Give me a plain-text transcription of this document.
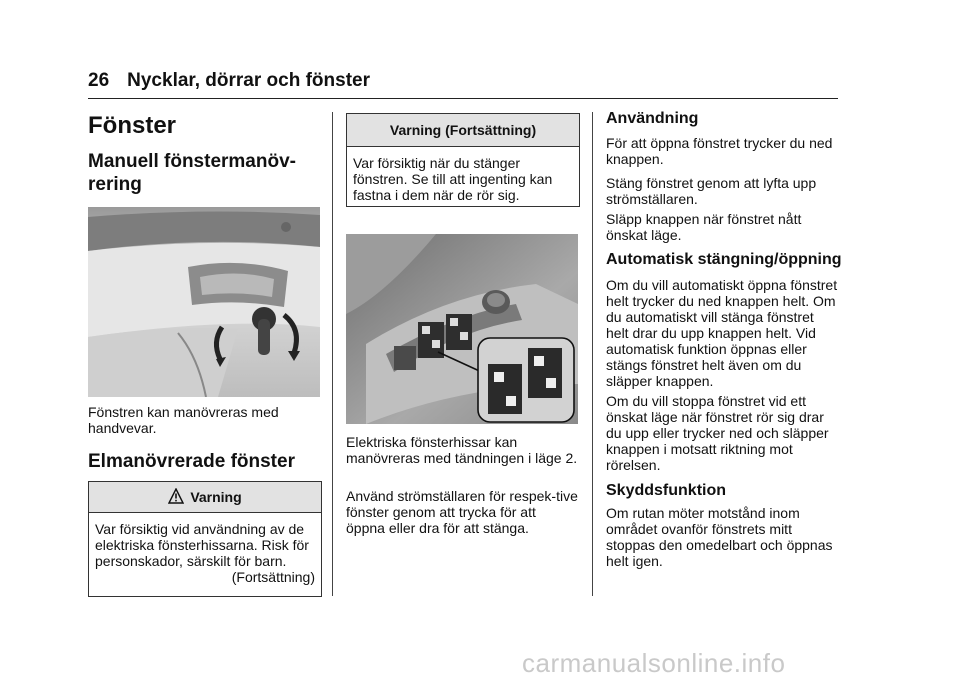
26 Nycklar, dörrar och fönster
Fönster
Manuell fönstermanöv-
rering

Fönstren kan manövreras med handvevar.

Elmanövrerade fönster
Varning
Var försiktig vid användning av de elektriska fönsterhissarna. Risk för personskador, särskilt för barn.
(Fortsättning)
Varning (Fortsättning)
Var försiktig när du stänger fönstren. Se till att ingenting kan fastna i dem när de rör sig.

Elektriska fönsterhissar kan manövreras med tändningen i läge 2.

Använd strömställaren för respek-tive fönster genom att trycka för att öppna eller dra för att stänga.

Användning

För att öppna fönstret trycker du ned knappen.

Stäng fönstret genom att lyfta upp strömställaren.

Släpp knappen när fönstret nått önskat läge.

Automatisk stängning/öppning

Om du vill automatiskt öppna fönstret helt trycker du ned knappen helt. Om du automatiskt vill stänga fönstret helt drar du upp knappen helt. Vid automatisk funktion öppnas eller stängs fönstret helt även om du släpper knappen.

Om du vill stoppa fönstret vid ett önskat läge när fönstret rör sig drar du upp eller trycker ned och släpper knappen i motsatt riktning mot rörelsen.

Skyddsfunktion

Om rutan möter motstånd inom området ovanför fönstrets mitt stoppas den omedelbart och öppnas helt igen.

carmanualsonline.info
